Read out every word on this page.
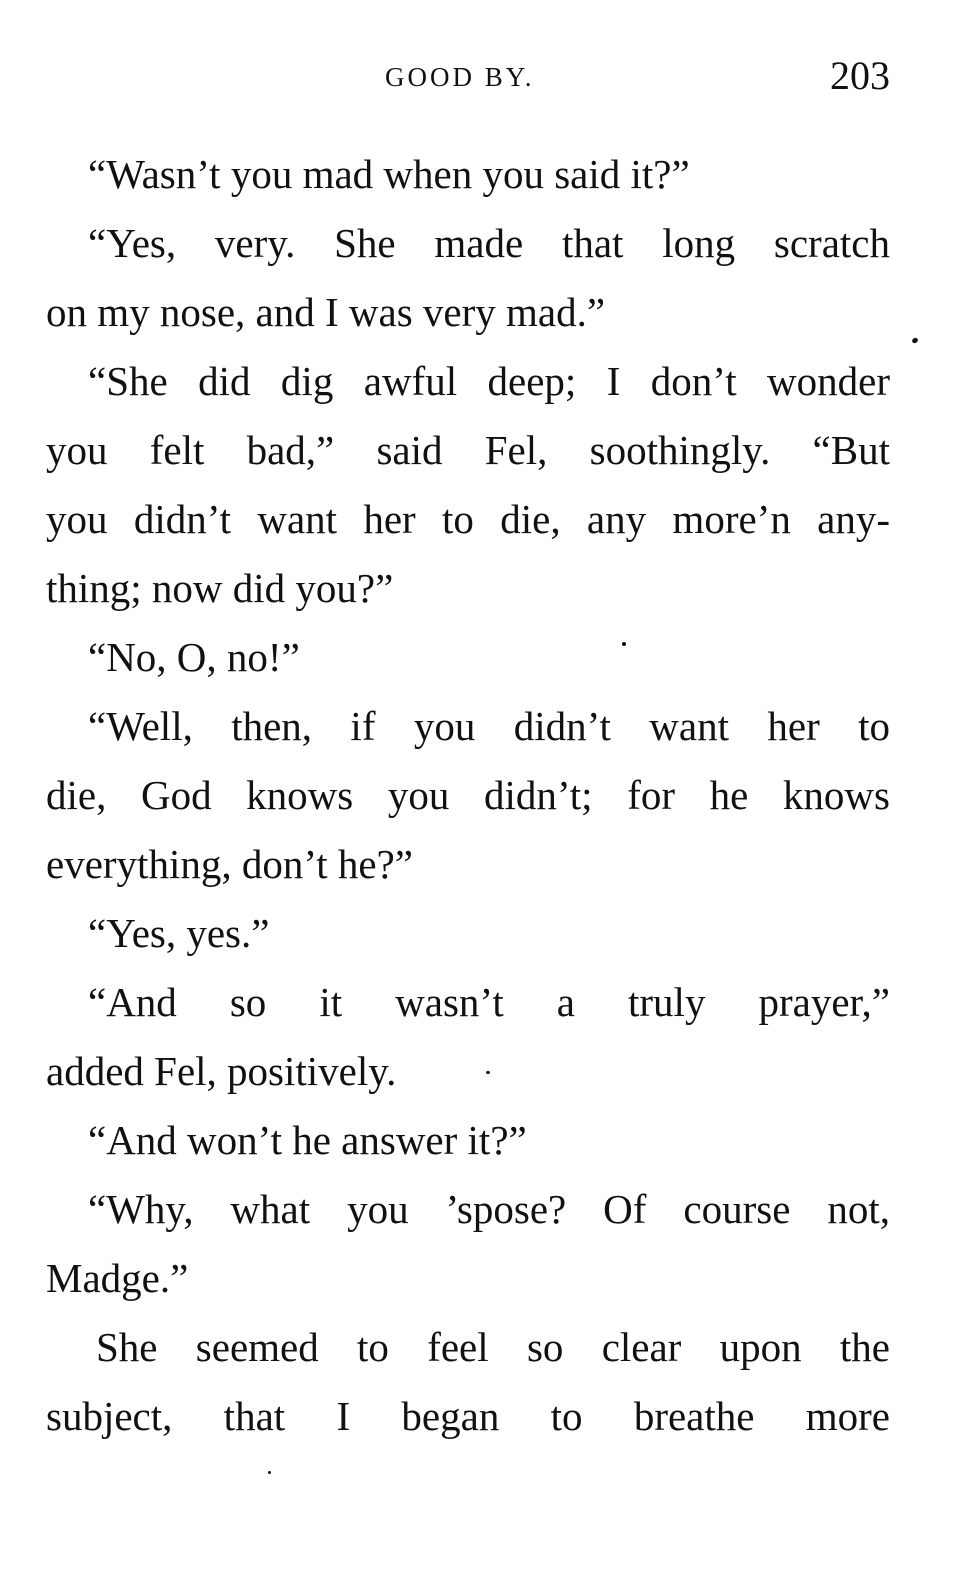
GOOD BY.	203
“Wasn’t you mad when you said it?”
“Yes, very. She made that long scratch
on my nose, and I was very mad.”
“She did dig awful deep; I don’t wonder
you felt bad,” said Fel, soothingly. “But
you didn’t want her to die, any more’n any-
thing; now did you?”
“No, O, no!”
“Well, then, if you didn’t want her to
die, God knows you didn’t; for he knows
everything, don’t he?”
“Yes, yes.”
“And so it wasn’t a truly prayer,”
added Fel, positively.
“And won’t he answer it?”
“Why, what you ’spose? Of course not,
Madge.”
She seemed to feel so clear upon the
subject, that I began to breathe more
